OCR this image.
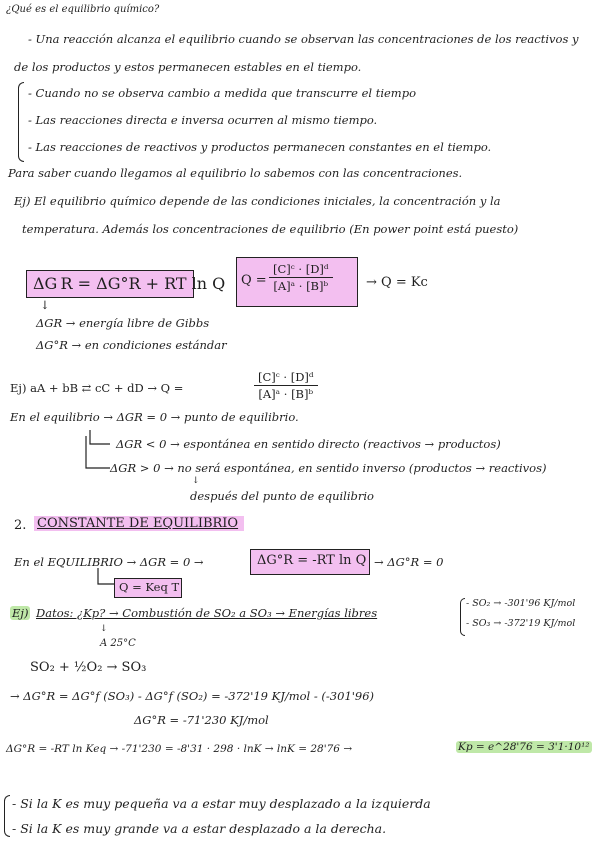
¿Qué es el equilibrio químico?
- Una reacción alcanza el equilibrio cuando se observan las concentraciones de los reactivos y
de los productos y estos permanecen estables en el tiempo.
- Cuando no se observa cambio a medida que transcurre el tiempo
- Las reacciones directa e inversa ocurren al mismo tiempo.
- Las reacciones de reactivos y productos permanecen constantes en el tiempo.
Para saber cuando llegamos al equilibrio lo sabemos con las concentraciones.
Ej) El equilibrio químico depende de las condiciones iniciales, la concentración y la
temperatura. Además los concentraciones de equilibrio (En power point está puesto)
ΔG R = ΔG°R + RT ln Q $Q = \frac{\text{[C]ᶜ · [D]ᵈ}}{\text{[A]ᵃ · [B]ᵇ}}$	→ Q = Kc
↓
ΔGR → energía libre de Gibbs
ΔG°R → en condiciones estándar
Ej) aA + bB ⇄ cC + dD → Q =	$\frac{\text{[C]ᶜ · [D]ᵈ}}{\text{[A]ᵃ · [B]ᵇ}}$
En el equilibrio → ΔGR = 0 → punto de equilibrio.
ΔGR < 0 → espontánea en sentido directo (reactivos → productos)
ΔGR > 0 → no será espontánea, en sentido inverso (productos → reactivos)
↓
después del punto de equilibrio
2. CONSTANTE DE EQUILIBRIO
En el EQUILIBRIO → ΔGR = 0 →	ΔG°R = -RT ln Q → ΔG°R = 0
Q = Keq T
Ej) Datos: ¿Kp? → Combustión de SO₂ a SO₃ → Energías libres
- SO₂ → -301'96 KJ/mol
- SO₃ → -372'19 KJ/mol
↓
A 25°C
SO₂ + ½O₂ → SO₃
→ ΔG°R = ΔG°f (SO₃) - ΔG°f (SO₂) = -372'19 KJ/mol - (-301'96)
ΔG°R = -71'230 KJ/mol
ΔG°R = -RT ln Keq → -71'230 = -8'31 · 298 · lnK → lnK = 28'76 →	Kp = e^28'76 = 3'1·10¹²
- Si la K es muy pequeña va a estar muy desplazado a la izquierda
- Si la K es muy grande va a estar desplazado a la derecha.
